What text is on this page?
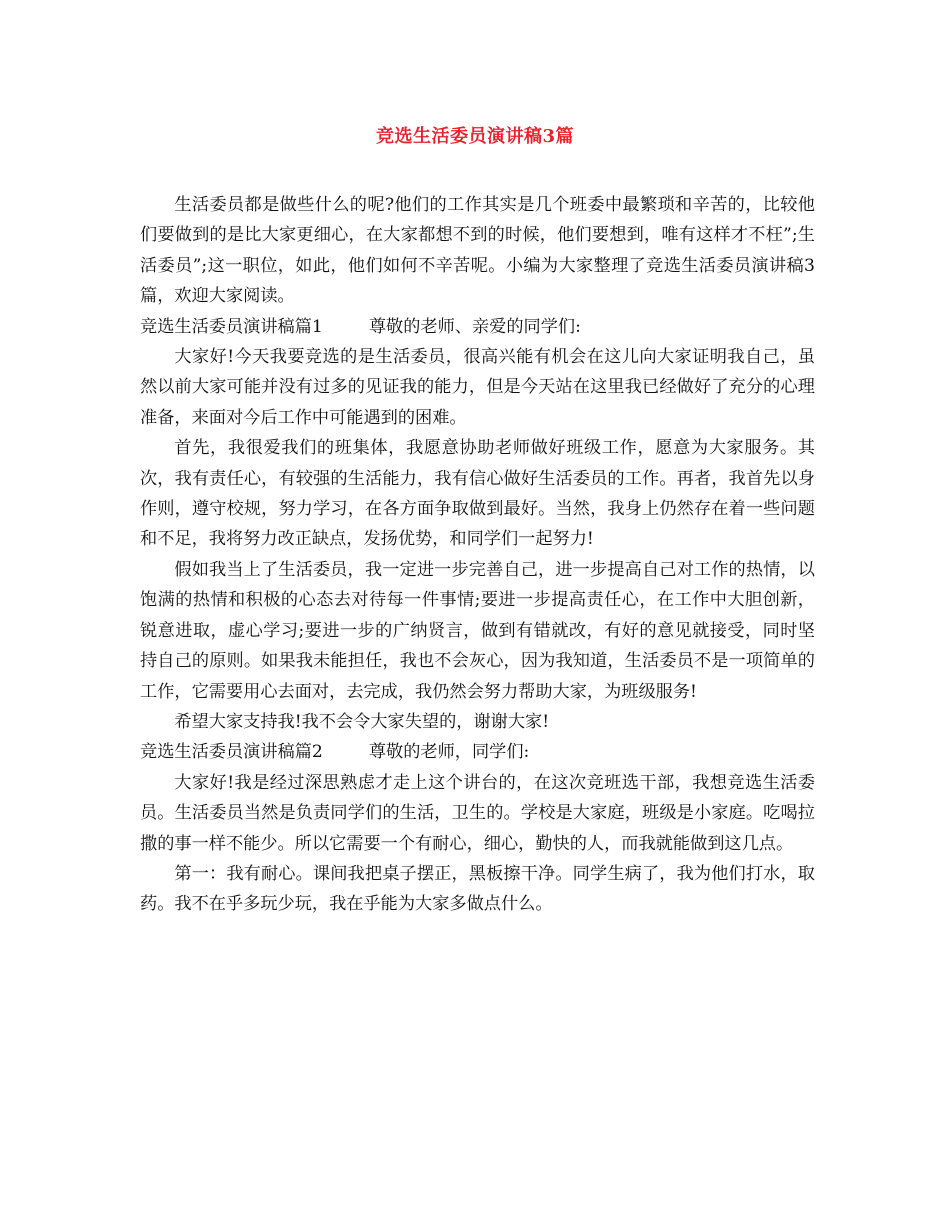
竞选生活委员演讲稿3篇

生活委员都是做些什么的呢?他们的工作其实是几个班委中最繁琐和辛苦的，比较他们要做到的是比大家更细心，在大家都想不到的时候，他们要想到，唯有这样才不枉”;生活委员”;这一职位，如此，他们如何不辛苦呢。小编为大家整理了竞选生活委员演讲稿3篇，欢迎大家阅读。

竞选生活委员演讲稿篇1	尊敬的老师、亲爱的同学们:

大家好!今天我要竞选的是生活委员，很高兴能有机会在这儿向大家证明我自己，虽然以前大家可能并没有过多的见证我的能力，但是今天站在这里我已经做好了充分的心理准备，来面对今后工作中可能遇到的困难。

首先，我很爱我们的班集体，我愿意协助老师做好班级工作，愿意为大家服务。其次，我有责任心，有较强的生活能力，我有信心做好生活委员的工作。再者，我首先以身作则，遵守校规，努力学习，在各方面争取做到最好。当然，我身上仍然存在着一些问题和不足，我将努力改正缺点，发扬优势，和同学们一起努力!

假如我当上了生活委员，我一定进一步完善自己，进一步提高自己对工作的热情，以饱满的热情和积极的心态去对待每一件事情;要进一步提高责任心，在工作中大胆创新，锐意进取，虚心学习;要进一步的广纳贤言，做到有错就改，有好的意见就接受，同时坚持自己的原则。如果我未能担任，我也不会灰心，因为我知道，生活委员不是一项简单的工作，它需要用心去面对，去完成，我仍然会努力帮助大家，为班级服务!

希望大家支持我!我不会令大家失望的，谢谢大家!

竞选生活委员演讲稿篇2	尊敬的老师，同学们:

大家好!我是经过深思熟虑才走上这个讲台的，在这次竞班选干部，我想竞选生活委员。生活委员当然是负责同学们的生活，卫生的。学校是大家庭，班级是小家庭。吃喝拉撒的事一样不能少。所以它需要一个有耐心，细心，勤快的人，而我就能做到这几点。

第一：我有耐心。课间我把桌子摆正，黑板擦干净。同学生病了，我为他们打水，取药。我不在乎多玩少玩，我在乎能为大家多做点什么。
